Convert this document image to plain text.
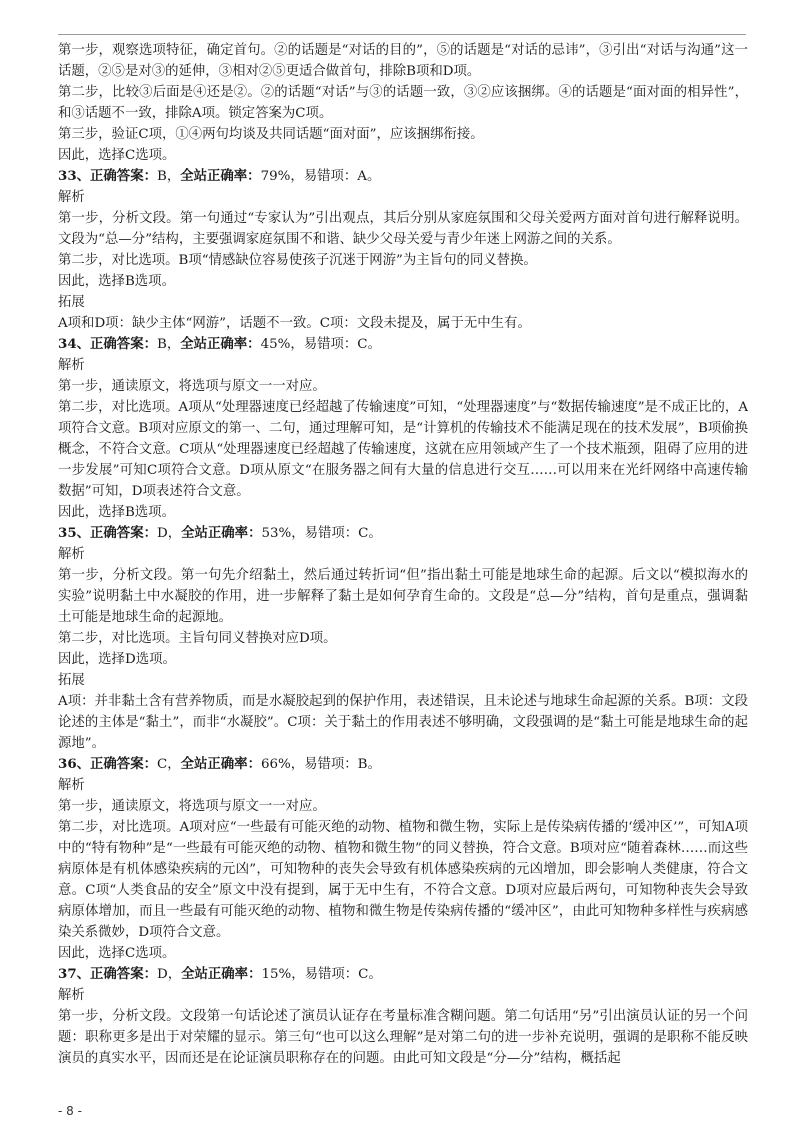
第一步，观察选项特征，确定首句。②的话题是“对话的目的”，⑤的话题是“对话的忌讳”，③引出“对话与沟通”这一话题，②⑤是对③的延伸，③相对②⑤更适合做首句，排除B项和D项。

第二步，比较③后面是④还是②。②的话题“对话”与③的话题一致，③②应该捆绑。④的话题是“面对面的相异性”，和③话题不一致，排除A项。锁定答案为C项。

第三步，验证C项，①④两句均谈及共同话题“面对面”，应该捆绑衔接。

因此，选择C选项。

33、正确答案：B，全站正确率：79%，易错项：A。

解析

第一步，分析文段。第一句通过“专家认为”引出观点，其后分别从家庭氛围和父母关爱两方面对首句进行解释说明。文段为“总—分”结构，主要强调家庭氛围不和谐、缺少父母关爱与青少年迷上网游之间的关系。

第二步，对比选项。B项“情感缺位容易使孩子沉迷于网游”为主旨句的同义替换。

因此，选择B选项。

拓展

A项和D项：缺少主体“网游”，话题不一致。C项：文段未提及，属于无中生有。

34、正确答案：B，全站正确率：45%，易错项：C。

解析

第一步，通读原文，将选项与原文一一对应。

第二步，对比选项。A项从“处理器速度已经超越了传输速度”可知，“处理器速度”与“数据传输速度”是不成正比的，A项符合文意。B项对应原文的第一、二句，通过理解可知，是“计算机的传输技术不能满足现在的技术发展”，B项偷换概念，不符合文意。C项从“处理器速度已经超越了传输速度，这就在应用领域产生了一个技术瓶颈，阻碍了应用的进一步发展”可知C项符合文意。D项从原文“在服务器之间有大量的信息进行交互……可以用来在光纤网络中高速传输数据”可知，D项表述符合文意。

因此，选择B选项。

35、正确答案：D，全站正确率：53%，易错项：C。

解析

第一步，分析文段。第一句先介绍黏土，然后通过转折词“但”指出黏土可能是地球生命的起源。后文以“模拟海水的实验”说明黏土中水凝胶的作用，进一步解释了黏土是如何孕育生命的。文段是“总—分”结构，首句是重点，强调黏土可能是地球生命的起源地。

第二步，对比选项。主旨句同义替换对应D项。

因此，选择D选项。

拓展

A项：并非黏土含有营养物质，而是水凝胶起到的保护作用，表述错误，且未论述与地球生命起源的关系。B项：文段论述的主体是“黏土”，而非“水凝胶”。C项：关于黏土的作用表述不够明确，文段强调的是“黏土可能是地球生命的起源地”。

36、正确答案：C，全站正确率：66%，易错项：B。

解析

第一步，通读原文，将选项与原文一一对应。

第二步，对比选项。A项对应“一些最有可能灭绝的动物、植物和微生物，实际上是传染病传播的‘缓冲区’”，可知A项中的“特有物种”是“一些最有可能灭绝的动物、植物和微生物”的同义替换，符合文意。B项对应“随着森林……而这些病原体是有机体感染疾病的元凶”，可知物种的丧失会导致有机体感染疾病的元凶增加，即会影响人类健康，符合文意。C项“人类食品的安全”原文中没有提到，属于无中生有，不符合文意。D项对应最后两句，可知物种丧失会导致病原体增加，而且一些最有可能灭绝的动物、植物和微生物是传染病传播的“缓冲区”，由此可知物种多样性与疾病感染关系微妙，D项符合文意。

因此，选择C选项。

37、正确答案：D，全站正确率：15%，易错项：C。

解析

第一步，分析文段。文段第一句话论述了演员认证存在考量标准含糊问题。第二句话用“另”引出演员认证的另一个问题：职称更多是出于对荣耀的显示。第三句“也可以这么理解”是对第二句的进一步补充说明，强调的是职称不能反映演员的真实水平，因而还是在论证演员职称存在的问题。由此可知文段是“分—分”结构，概括起

- 8 -
